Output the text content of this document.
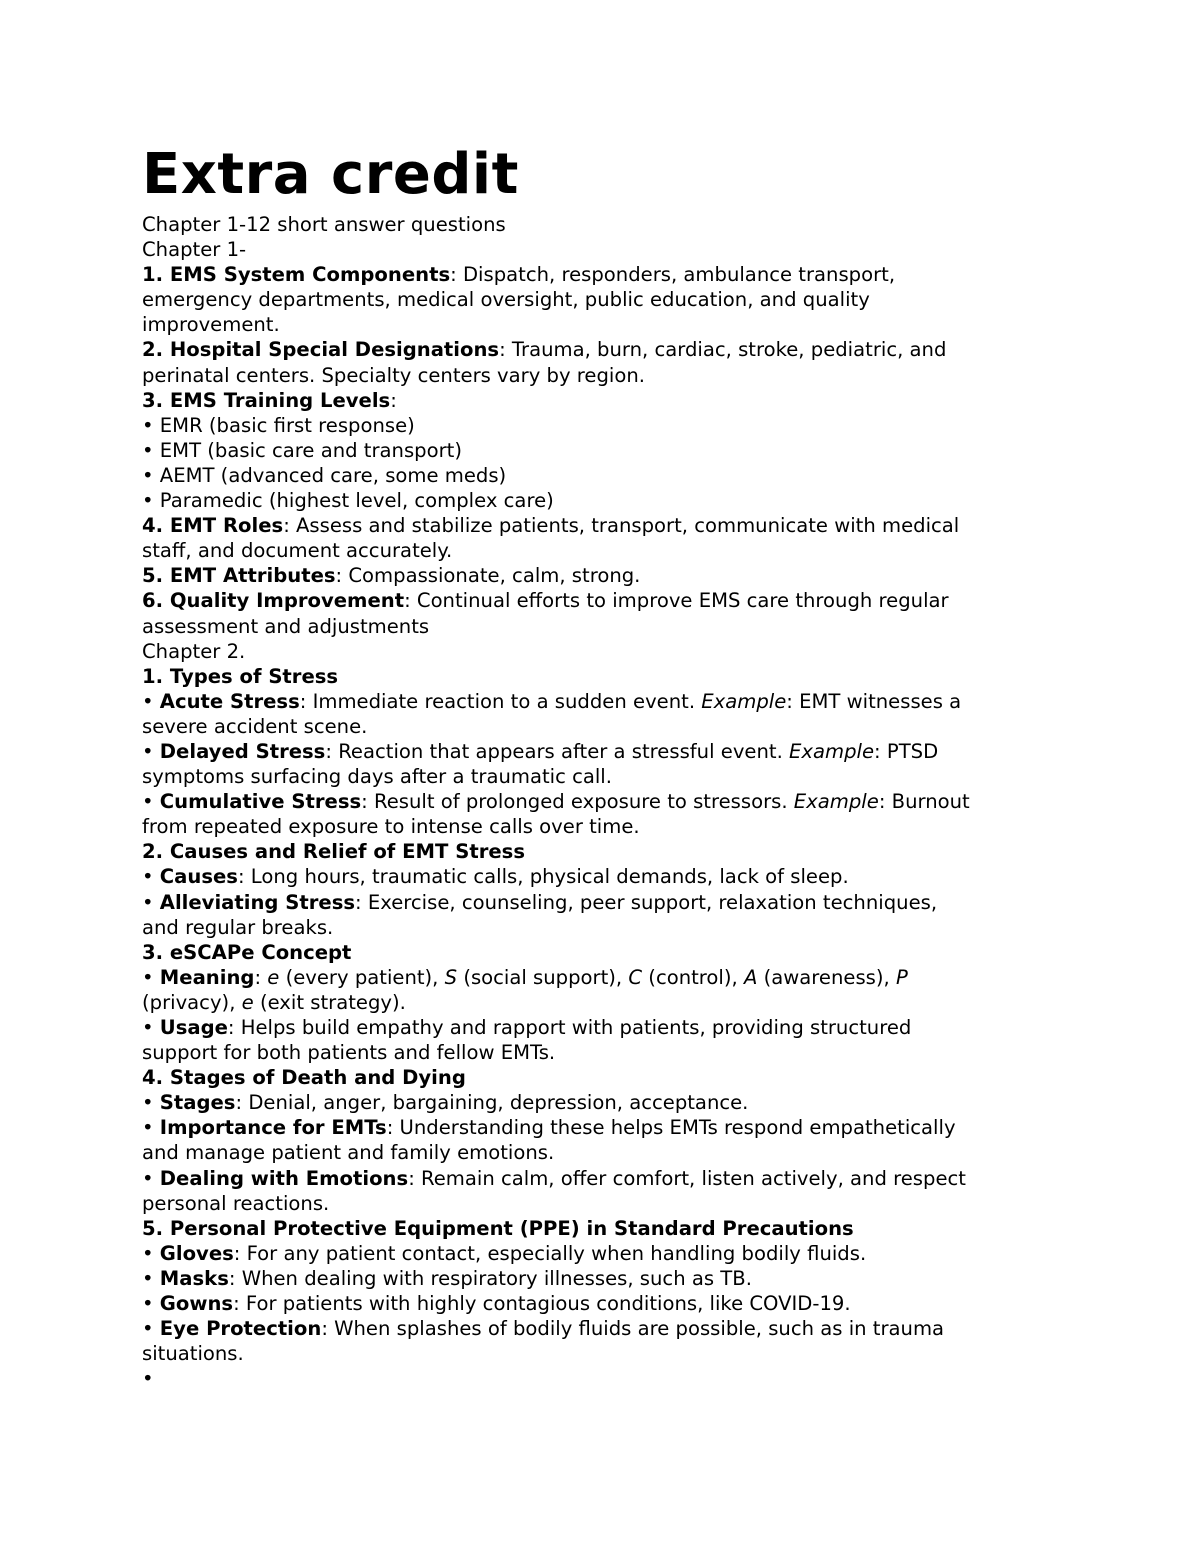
Extra credit
Chapter 1-12 short answer questions
Chapter 1-
1. EMS System Components: Dispatch, responders, ambulance transport,
emergency departments, medical oversight, public education, and quality
improvement.
2. Hospital Special Designations: Trauma, burn, cardiac, stroke, pediatric, and
perinatal centers. Specialty centers vary by region.
3. EMS Training Levels:
• EMR (basic first response)
• EMT (basic care and transport)
• AEMT (advanced care, some meds)
• Paramedic (highest level, complex care)
4. EMT Roles: Assess and stabilize patients, transport, communicate with medical
staff, and document accurately.
5. EMT Attributes: Compassionate, calm, strong.
6. Quality Improvement: Continual efforts to improve EMS care through regular
assessment and adjustments
Chapter 2.
1. Types of Stress
• Acute Stress: Immediate reaction to a sudden event. Example: EMT witnesses a
severe accident scene.
• Delayed Stress: Reaction that appears after a stressful event. Example: PTSD
symptoms surfacing days after a traumatic call.
• Cumulative Stress: Result of prolonged exposure to stressors. Example: Burnout
from repeated exposure to intense calls over time.
2. Causes and Relief of EMT Stress
• Causes: Long hours, traumatic calls, physical demands, lack of sleep.
• Alleviating Stress: Exercise, counseling, peer support, relaxation techniques,
and regular breaks.
3. eSCAPe Concept
• Meaning: e (every patient), S (social support), C (control), A (awareness), P
(privacy), e (exit strategy).
• Usage: Helps build empathy and rapport with patients, providing structured
support for both patients and fellow EMTs.
4. Stages of Death and Dying
• Stages: Denial, anger, bargaining, depression, acceptance.
• Importance for EMTs: Understanding these helps EMTs respond empathetically
and manage patient and family emotions.
• Dealing with Emotions: Remain calm, offer comfort, listen actively, and respect
personal reactions.
5. Personal Protective Equipment (PPE) in Standard Precautions
• Gloves: For any patient contact, especially when handling bodily fluids.
• Masks: When dealing with respiratory illnesses, such as TB.
• Gowns: For patients with highly contagious conditions, like COVID-19.
• Eye Protection: When splashes of bodily fluids are possible, such as in trauma
situations.
•
